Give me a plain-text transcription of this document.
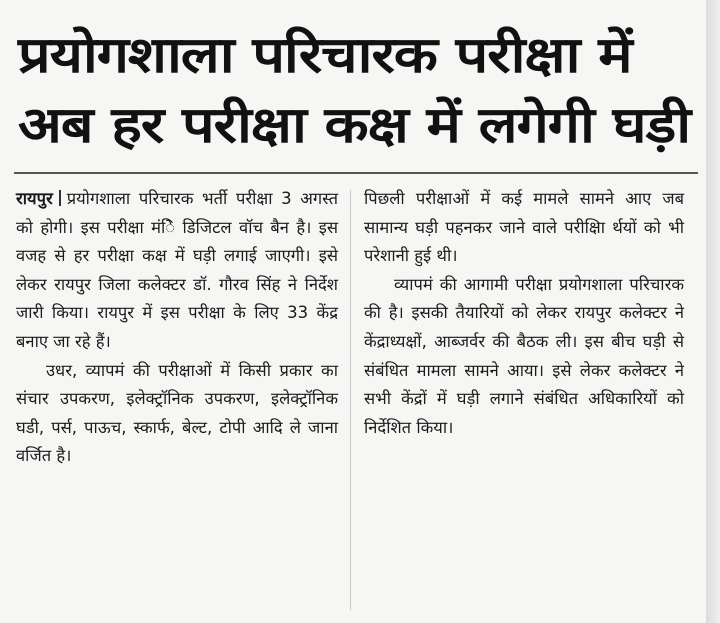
प्रयोगशाला परिचारक परीक्षा में
अब हर परीक्षा कक्ष में लगेगी घड़ी

रायपुर प्रयोगशाला परिचारक भर्ती परीक्षा 3 अगस्त को होगी। इस परीक्षा मंेि डिजिटल वॉच बैन है। इस वजह से हर परीक्षा कक्ष में घड़ी लगाई जाएगी। इसे लेकर रायपुर जिला कलेक्टर डॉ. गौरव सिंह ने निर्देश जारी किया। रायपुर में इस परीक्षा के लिए 33 केंद्र बनाए जा रहे हैं।

उधर, व्यापमं की परीक्षाओं में किसी प्रकार का संचार उपकरण, इलेक्ट्रॉनिक उपकरण, इलेक्ट्रॉनिक घडी, पर्स, पाऊच, स्कार्फ, बेल्ट, टोपी आदि ले जाना वर्जित है।

पिछली परीक्षाओं में कई मामले सामने आए जब सामान्य घड़ी पहनकर जाने वाले परीक्षाि र्थयों को भी परेशानी हुई थी।

व्यापमं की आगामी परीक्षा प्रयोगशाला परिचारक की है। इसकी तैयारियों को लेकर रायपुर कलेक्टर ने केंद्राध्यक्षों, आब्जर्वर की बैठक ली। इस बीच घड़ी से संबंधित मामला सामने आया। इसे लेकर कलेक्टर ने सभी केंद्रों में घड़ी लगाने संबंधित अधिकारियों को निर्देशित किया।
